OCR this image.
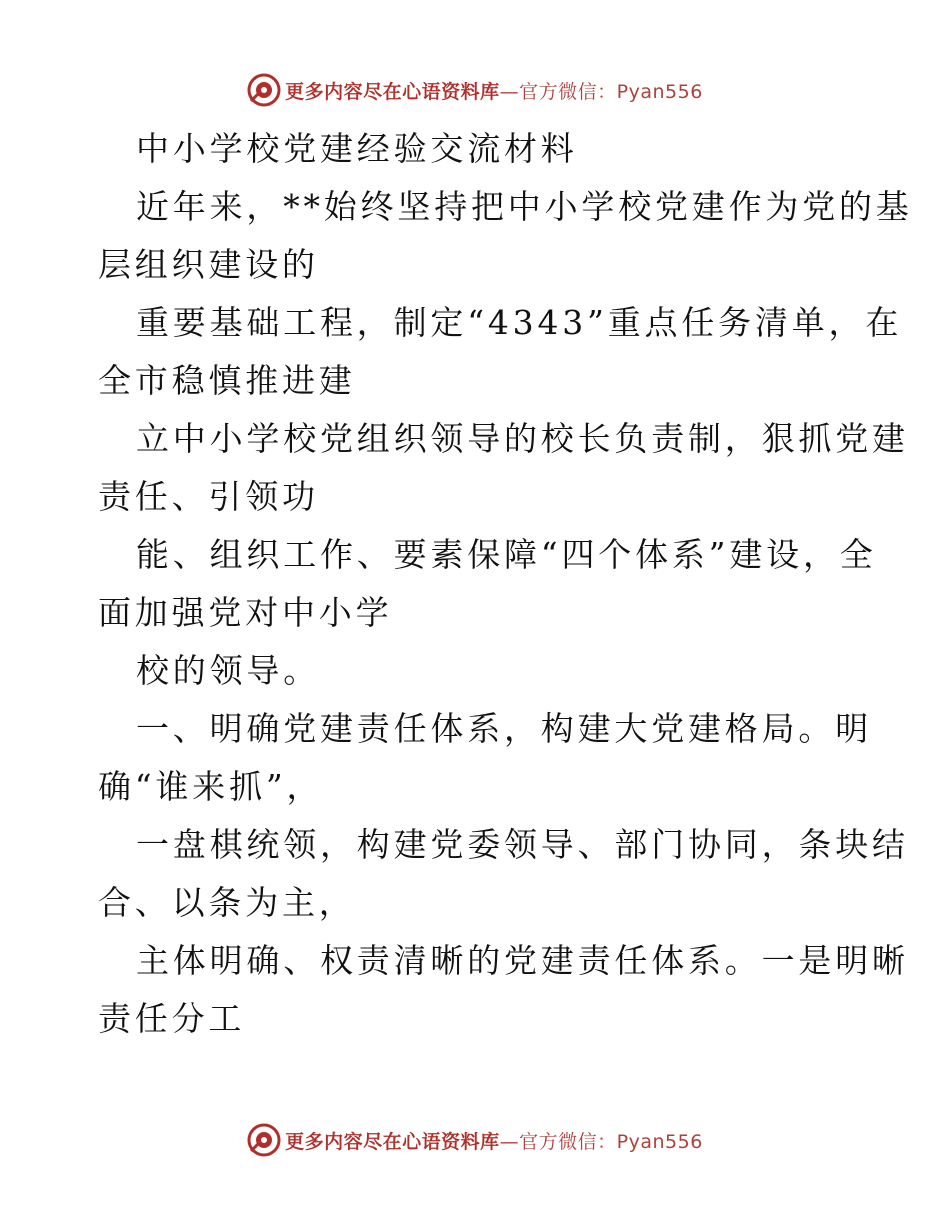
更多内容尽在心语资料库—官方微信：Pyan556

中小学校党建经验交流材料

近年来，**始终坚持把中小学校党建作为党的基

层组织建设的

重要基础工程，制定“4343”重点任务清单，在

全市稳慎推进建

立中小学校党组织领导的校长负责制，狠抓党建

责任、引领功

能、组织工作、要素保障“四个体系”建设，全

面加强党对中小学

校的领导。

一、明确党建责任体系，构建大党建格局。明

确“谁来抓”，

一盘棋统领，构建党委领导、部门协同，条块结

合、以条为主，

主体明确、权责清晰的党建责任体系。一是明晰

责任分工

更多内容尽在心语资料库—官方微信：Pyan556
